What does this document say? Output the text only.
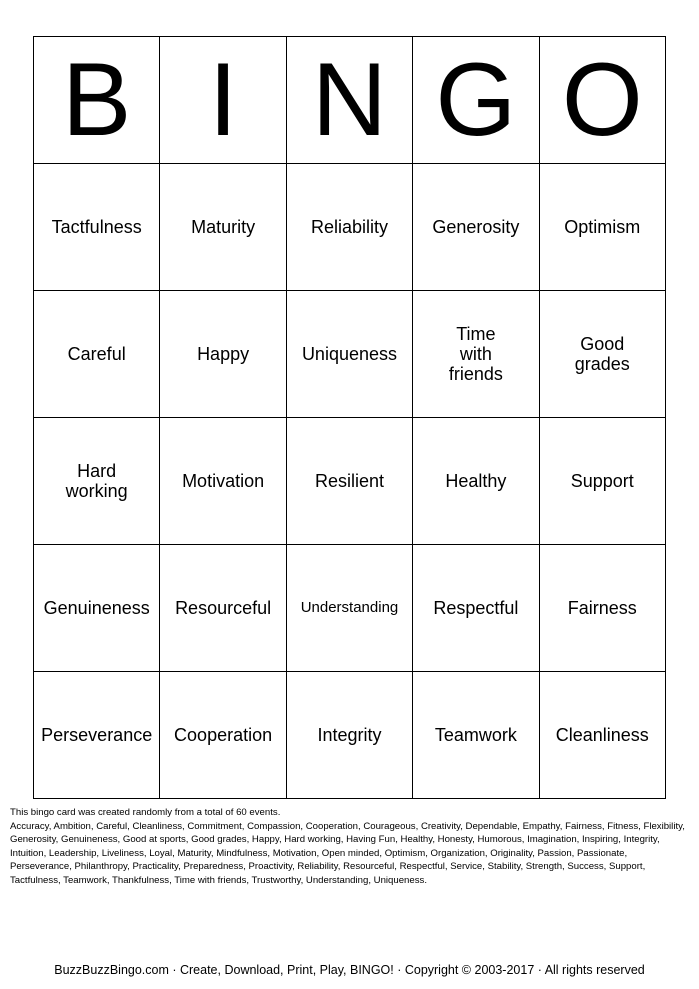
B	I	N	G	O
Tactfulness	Maturity	Reliability	Generosity	Optimism
Careful	Happy	Uniqueness	Time with friends	Good grades
Hard working	Motivation	Resilient	Healthy	Support
Genuineness	Resourceful	Understanding	Respectful	Fairness
Perseverance	Cooperation	Integrity	Teamwork	Cleanliness

This bingo card was created randomly from a total of 60 events.

Accuracy, Ambition, Careful, Cleanliness, Commitment, Compassion, Cooperation, Courageous, Creativity, Dependable, Empathy, Fairness, Fitness, Flexibility, Generosity, Genuineness, Good at sports, Good grades, Happy, Hard working, Having Fun, Healthy, Honesty, Humorous, Imagination, Inspiring, Integrity, Intuition, Leadership, Liveliness, Loyal, Maturity, Mindfulness, Motivation, Open minded, Optimism, Organization, Originality, Passion, Passionate, Perseverance, Philanthropy, Practicality, Preparedness, Proactivity, Reliability, Resourceful, Respectful, Service, Stability, Strength, Success, Support, Tactfulness, Teamwork, Thankfulness, Time with friends, Trustworthy, Understanding, Uniqueness.

BuzzBuzzBingo.com · Create, Download, Print, Play, BINGO! · Copyright © 2003-2017 · All rights reserved
